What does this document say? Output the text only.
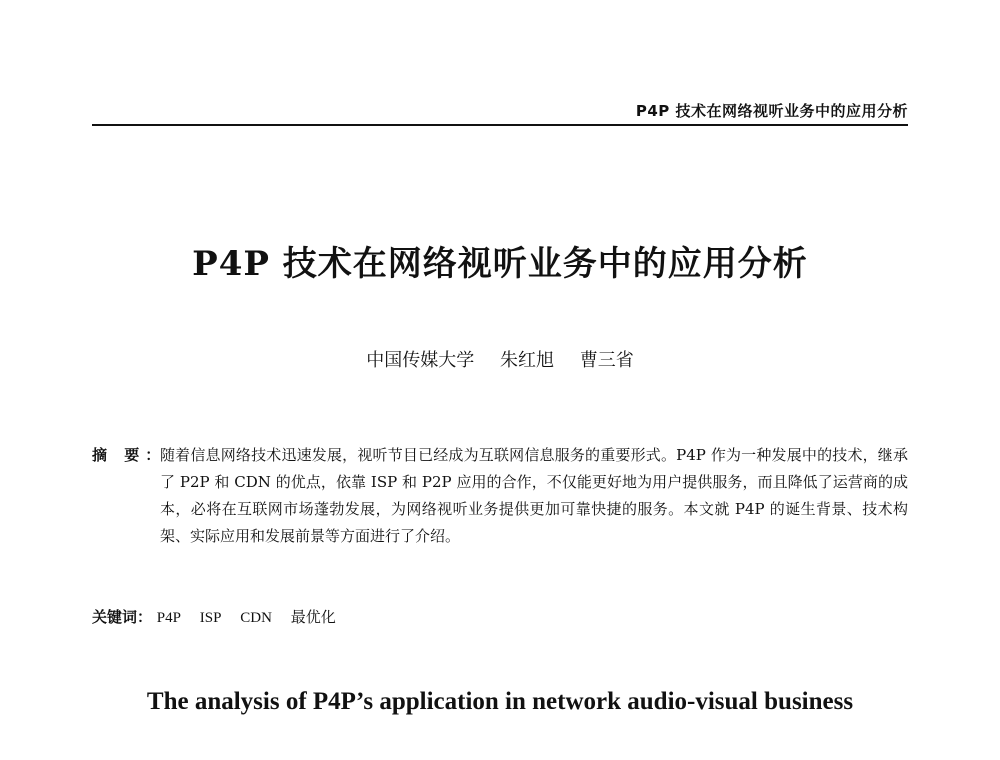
P4P 技术在网络视听业务中的应用分析
P4P 技术在网络视听业务中的应用分析
中国传媒大学 朱红旭 曹三省
摘 要：
随着信息网络技术迅速发展，视听节目已经成为互联网信息服务的重要形式。P4P 作为一种发展中的技术，继承了 P2P 和 CDN 的优点，依靠 ISP 和 P2P 应用的合作，不仅能更好地为用户提供服务，而且降低了运营商的成本，必将在互联网市场蓬勃发展，为网络视听业务提供更加可靠快捷的服务。本文就 P4P 的诞生背景、技术构架、实际应用和发展前景等方面进行了介绍。
关键词： P4P ISP CDN 最优化
The analysis of P4P’s application in network audio-visual business
